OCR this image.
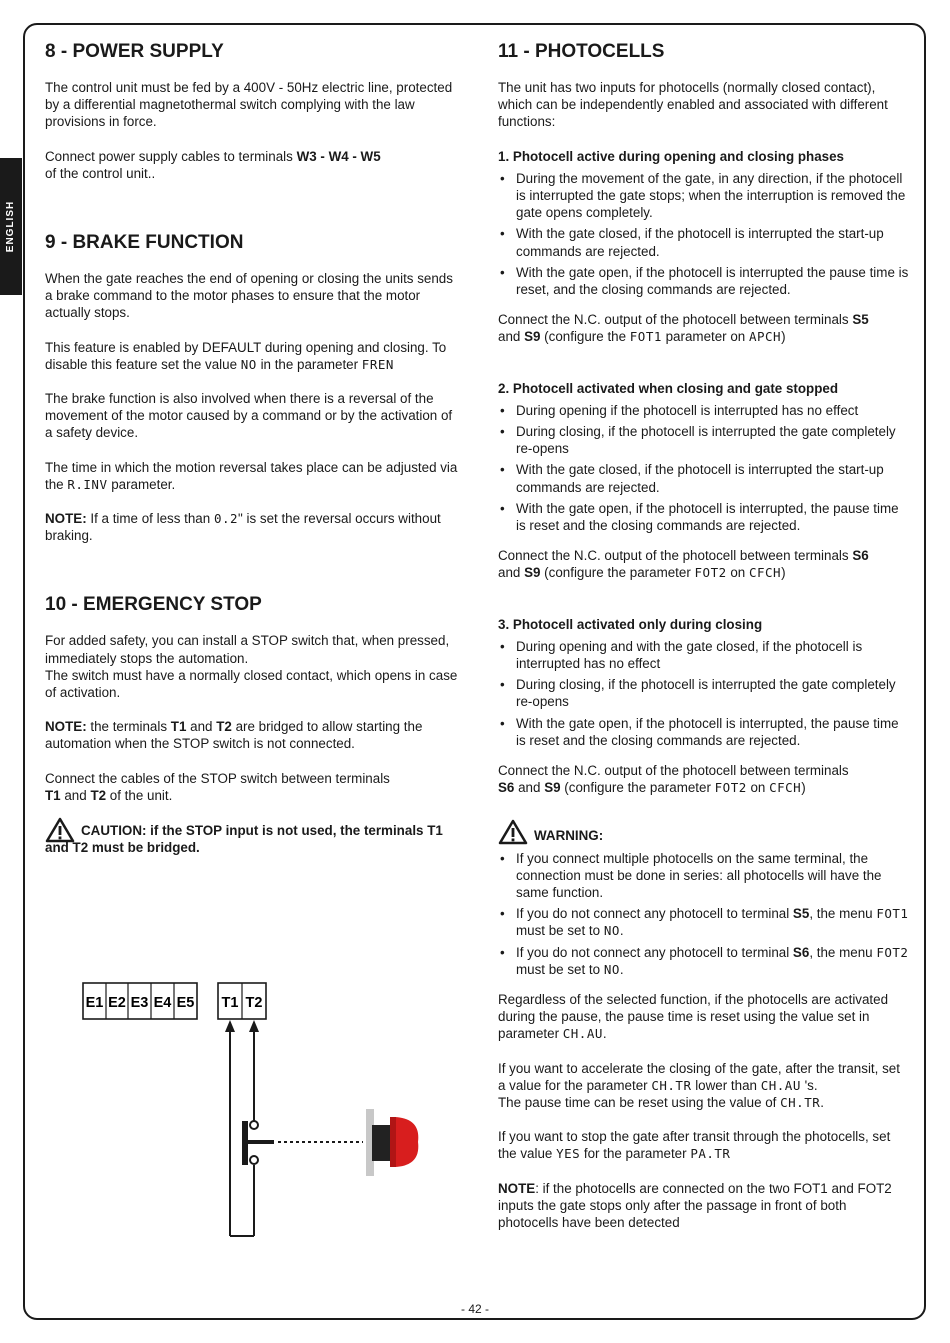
ENGLISH
8 - POWER SUPPLY

The control unit must be fed by a 400V - 50Hz electric line, protected by a differential magnetothermal switch complying with the law provisions in force.

Connect power supply cables to terminals W3 - W4 - W5
of the control unit..

9 - BRAKE FUNCTION

When the gate reaches the end of opening or closing the units sends a brake command to the motor phases to ensure that the motor actually stops.

This feature is enabled by DEFAULT during opening and closing. To disable this feature set the value NO in the parameter FREN

The brake function is also involved when there is a reversal of the movement of the motor caused by a command or by the activation of a safety device.

The time in which the motion reversal takes place can be adjusted via the R.INV parameter.

NOTE: If a time of less than 0.2" is set the reversal occurs without braking.

10 - EMERGENCY STOP

For added safety, you can install a STOP switch that, when pressed, immediately stops the automation.

The switch must have a normally closed contact, which opens in case of activation.

NOTE: the terminals T1 and T2 are bridged to allow starting the automation when the STOP switch is not connected.

Connect the cables of the STOP switch between terminals
T1 and T2 of the unit.

CAUTION: if the STOP input is not used, the terminals T1 and T2 must be bridged.

E1 E2 E3 E4 E5 T1 T2
11 - PHOTOCELLS

The unit has two inputs for photocells (normally closed contact), which can be independently enabled and associated with different functions:

1. Photocell active during opening and closing phases

• During the movement of the gate, in any direction, if the photocell is interrupted the gate stops; when the interruption is removed the gate opens completely.
• With the gate closed, if the photocell is interrupted the start-up commands are rejected.
• With the gate open, if the photocell is interrupted the pause time is reset, and the closing commands are rejected.

Connect the N.C. output of the photocell between terminals S5
and S9 (configure the FOT1 parameter on APCH)

2. Photocell activated when closing and gate stopped

• During opening if the photocell is interrupted has no effect
• During closing, if the photocell is interrupted the gate completely re-opens
• With the gate closed, if the photocell is interrupted the start-up commands are rejected.
• With the gate open, if the photocell is interrupted, the pause time is reset and the closing commands are rejected.

Connect the N.C. output of the photocell between terminals S6
and S9 (configure the parameter FOT2 on CFCH)

3. Photocell activated only during closing

• During opening and with the gate closed, if the photocell is interrupted has no effect
• During closing, if the photocell is interrupted the gate completely re-opens
• With the gate open, if the photocell is interrupted, the pause time is reset and the closing commands are rejected.

Connect the N.C. output of the photocell between terminals
S6 and S9 (configure the parameter FOT2 on CFCH)

WARNING:
• If you connect multiple photocells on the same terminal, the connection must be done in series: all photocells will have the same function.
• If you do not connect any photocell to terminal S5, the menu FOT1 must be set to NO.
• If you do not connect any photocell to terminal S6, the menu FOT2 must be set to NO.

Regardless of the selected function, if the photocells are activated during the pause, the pause time is reset using the value set in parameter CH.AU.

If you want to accelerate the closing of the gate, after the transit, set a value for the parameter CH.TR lower than CH.AU 's.
The pause time can be reset using the value of CH.TR.

If you want to stop the gate after transit through the photocells, set the value YES for the parameter PA.TR

NOTE: if the photocells are connected on the two FOT1 and FOT2 inputs the gate stops only after the passage in front of both photocells have been detected

- 42 -
